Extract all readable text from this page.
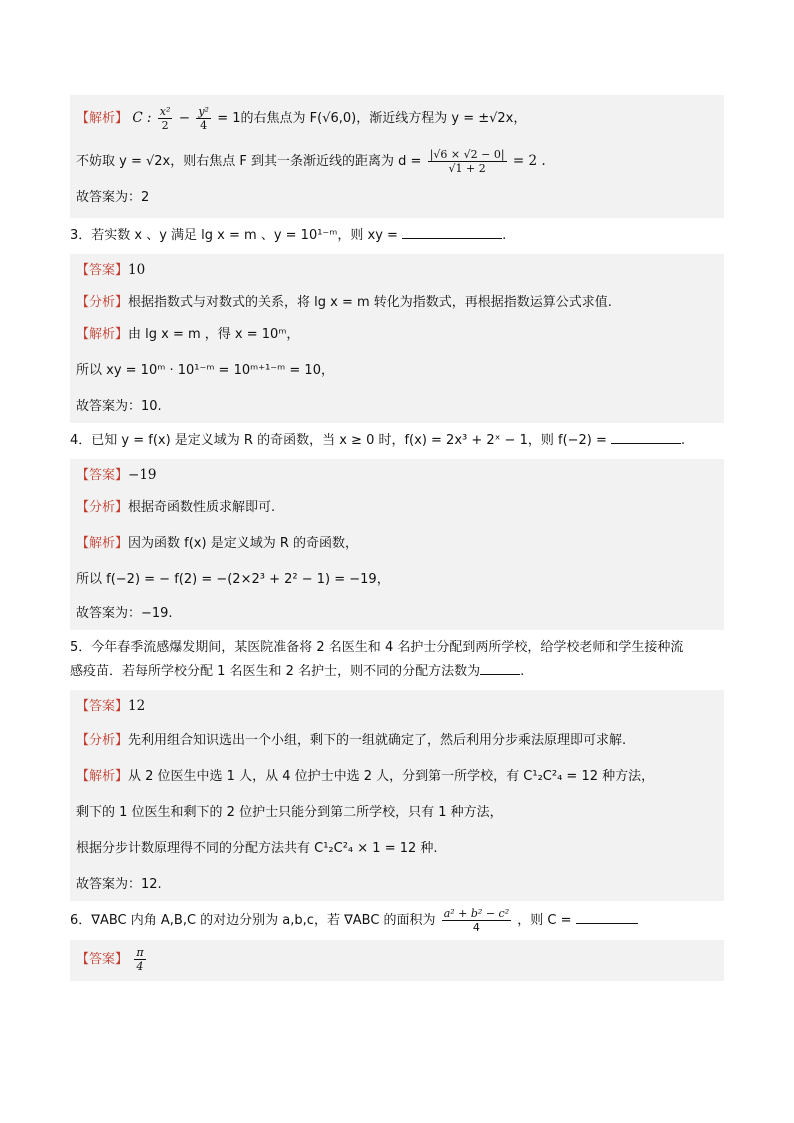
【解析】 C : $\frac{\text{x²}}{2} - \frac{\text{y²}}{4} = 1$的右焦点为 F(√6,0)，渐近线方程为 y = ±√2x，
不妨取 y = √2x，则右焦点 F 到其一条渐近线的距离为 $d = \frac{|√6 \times √2 - 0|}{√1 + 2} = 2$ .
故答案为：2
3．若实数 x 、y 满足 lg x = m 、y = 10¹⁻ᵐ，则 xy =	.
【答案】10
【分析】根据指数式与对数式的关系，将 lg x = m 转化为指数式，再根据指数运算公式求值.
【解析】由 lg x = m ，得 x = 10ᵐ，
所以 xy = 10ᵐ · 10¹⁻ᵐ = 10ᵐ⁺¹⁻ᵐ = 10，
故答案为：10.
4．已知 y = f(x) 是定义域为 R 的奇函数，当 x ≥ 0 时，f(x) = 2x³ + 2ˣ − 1，则 f(−2) =	.
【答案】−19
【分析】根据奇函数性质求解即可.
【解析】因为函数 f(x) 是定义域为 R 的奇函数，
所以 f(−2) = − f(2) = −(2×2³ + 2² − 1) = −19，
故答案为：−19.
5．今年春季流感爆发期间，某医院准备将 2 名医生和 4 名护士分配到两所学校，给学校老师和学生接种流
感疫苗．若每所学校分配 1 名医生和 2 名护士，则不同的分配方法数为	.
【答案】12
【分析】先利用组合知识选出一个小组，剩下的一组就确定了，然后利用分步乘法原理即可求解.
【解析】从 2 位医生中选 1 人，从 4 位护士中选 2 人，分到第一所学校，有 C¹₂C²₄ = 12 种方法，
剩下的 1 位医生和剩下的 2 位护士只能分到第二所学校，只有 1 种方法，
根据分步计数原理得不同的分配方法共有 C¹₂C²₄ × 1 = 12 种.
故答案为：12.
6．∇ABC 内角 A,B,C 的对边分别为 a,b,c，若 ∇ABC 的面积为 $\frac{\text{a² + b² − c²}}{4}$ ，则 C =
【答案】 $\frac{\pi}{4}$
